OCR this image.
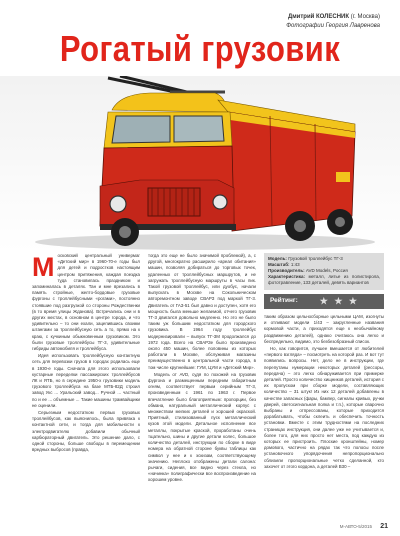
Дмитрий КОЛЕСНИК (г. Москва)
Фотографии Георгия Лавренова
Рогатый грузовик
М осковский центральный универмаг «Детский мир» в 1960-70-е годы был для детей и подростков настоящим центром притяжения, каждая поездка туда становилась праздником и запоминалась в деталях. Тан и мне врезались в память стройные, желто-бордовые грузовые фургоны с троллейбусными «рогами», постоянно стоявшие под разгрузкой со стороны Рождественки (в то время улицы Жданова). Встречались они и в других местах, в основном в центре города, и что удивительно – то они ехали, зацепившись своими штангами за троллейбусную сеть а то, прямо на к краю, с кучкиным обыкновенным грузовиком. Это были грузовые троллейбусы ТГ-3, удивительные гибриды автомобиля и троллейбуса.
Идея использовать троллейбусную контактную сеть для перевозки грузов в городах родилась еще в 1930-е годы. Сначала для этого использовали кустарные переделки пассажирских троллейбусов ЛК и ЯТБ, но в середине 1950-х грузовики модель грузового троллейбуса на базе МТБ-82Д строил завод Укс ... Уральский завод... Ручной ... частный по и ее ... объемные ... Такие машины трамвайщики не оценили.
Серьезным недостатком первых грузовых троллейбусов, как выяснилось, была привязка к контактной сети, и тогда для мобильности к электродвигателю добавили обычный карбюраторный двигатель. Это решение дало, с одной стороны, больше свободы в перемещении вредных выбросов (правда,
тогда это еще не было значимой проблемой), а, с другой, многократно расширило «ареал обитания» машин, позволяя добираться до торговых точек, удаленных от троллейбусных маршрутов, и не загружать троллейбусную маршруты в часы пик. Такой грузовой троллейбус, или дуобус, начали выпускать в Москве на Сокольническом авторемонтном заводе СВАРЗ под маркой ТГ-3. Двигатель от ГАЗ-51 был давно и доступен, хотя его мощность была меньше желаемой, отчего грузовик ТГ-3 двигался довольно медленно. Но это не было таким уж большим недостатком для городского грузовика. В 1964 году троллейбус модернизировали – выпуск ТГ-3М продолжался до 1972 года. Всего на СВАРЗе было произведено около 450 машин, более половины из которых работали в Москве, обслуживая магазины преимущественно в центральной части города, в том числе крупнейшие: ГУМ, ЦУМ и «Детский Мир».
Модель от AVD, судя по похожей на грузовик фургона и размещенным передним габаритным огням, соответствует первым серийным ТГ-3, произведенным с 1961 по 1963 г. Первое впечатление было благоприятным: пропорции, без обмана, натуральный металлический корпус с множеством мелких деталей и хорошей окраской. Приятный, стилизованный пуск металлический кузов этой модели. Детальное исполнение все металлы, покрытые краской, проработаны очень тщательно, шины и другие детали колес, большое количество деталей, инструкции по сборке в виде номера на обратной стороне буквы таблицы как символ у нее и к эскизам, соответствующему значению. Неплохо отображены детали салона: рычаги, сидения, все видно через стекла, но «начинка» полиграфически все воспроизведение на хорошем уровне.
Модель: Грузовой троллейбус ТГ-3
Масштаб: 1:43
Производитель: AVD Models, Россия
Характеристика: металл, литье из полистирола, фототравление, 133 деталей, девять вариантов
Рейтинг: ★ ★ ★
таким образом цельносборные цельными ЦАМ, изогнуты и отливают модели 1/43 – закругленные названия кормовой части, а приходятся еще к необычайному раздвижению деталей), однако считаюсь она легко и беспредельно, видимо, это безбезобразный список.
Но, как говорится, лучшее вмешается от любителей «первого взгляда» – посмотреть на которой раз. И вот тут появились вопросы. Нет, дело не в инструкции, где перепутаны нумерации некоторых деталей (рессоры, передача) – это легко обнаруживается при примерке деталей. Просто количество хищников деталей, история с их пропуском при сборке модели, составляющих количество – 31 штук! Из них 12 деталей добавлены в качестве запасных (фары, бампер, сигналы кривых, ручки дверей, светосигнальная полка и т.п.), которые сварочно выбраны и отпрессованы, которые приходится дорабатывать, чтобы склеить и обеспечить точность установки. Вместе с этим трудностями на последних страницах инструкция, они далее уже не учитывается и, более того, для них просто нет места, под каждую из которых ее пристроить. Плоские кронштейны, номер домового, частично на рядах так что полосы после установочного упорядочения непропорционально сблизили пропорциональные четко сделанной, кто захочет от этого кордона, а деталей В30 –
М-АВТО-5/2015 21
